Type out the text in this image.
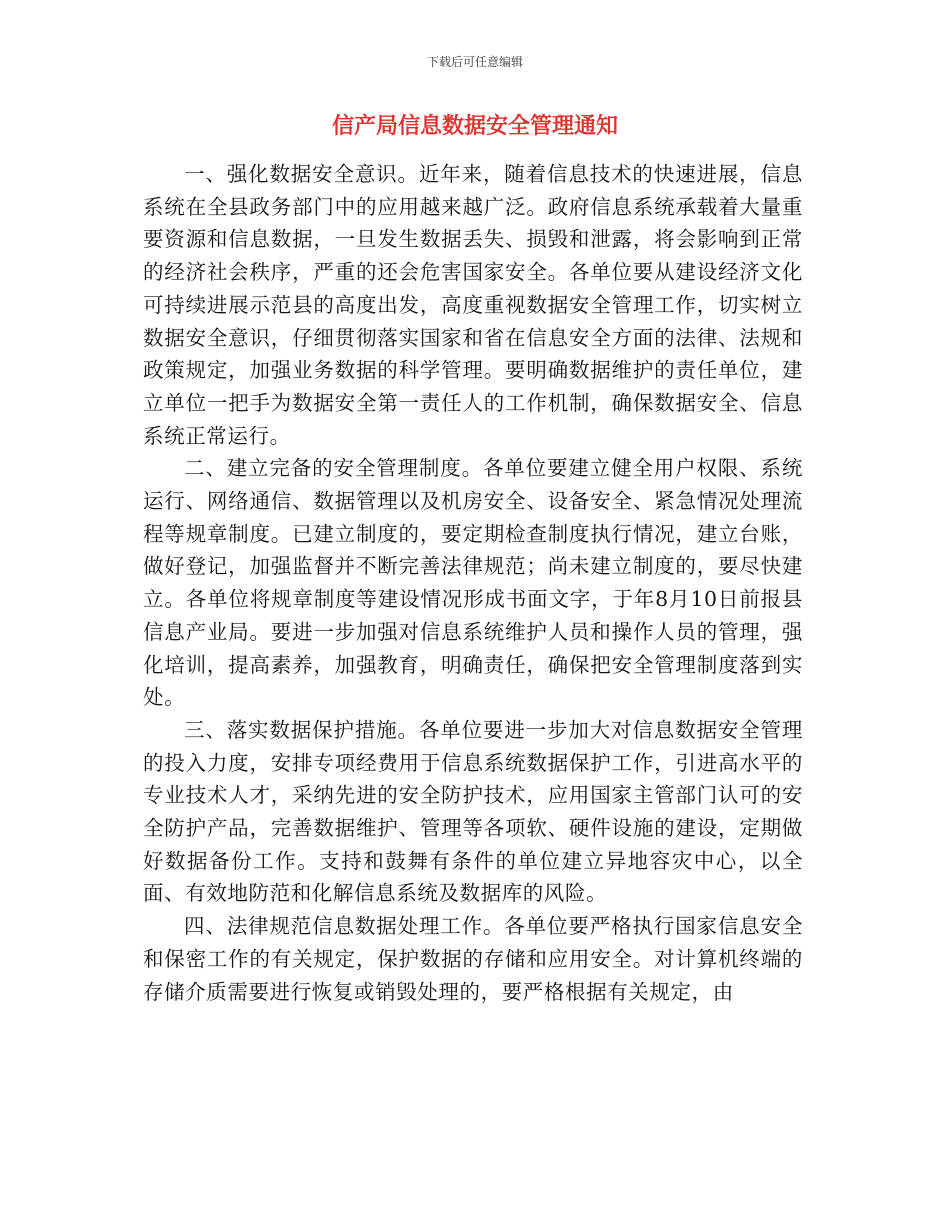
下载后可任意编辑
信产局信息数据安全管理通知

一、强化数据安全意识。近年来，随着信息技术的快速进展，信息系统在全县政务部门中的应用越来越广泛。政府信息系统承载着大量重要资源和信息数据，一旦发生数据丢失、损毁和泄露，将会影响到正常的经济社会秩序，严重的还会危害国家安全。各单位要从建设经济文化可持续进展示范县的高度出发，高度重视数据安全管理工作，切实树立数据安全意识，仔细贯彻落实国家和省在信息安全方面的法律、法规和政策规定，加强业务数据的科学管理。要明确数据维护的责任单位，建立单位一把手为数据安全第一责任人的工作机制，确保数据安全、信息系统正常运行。

二、建立完备的安全管理制度。各单位要建立健全用户权限、系统运行、网络通信、数据管理以及机房安全、设备安全、紧急情况处理流程等规章制度。已建立制度的，要定期检查制度执行情况，建立台账，做好登记，加强监督并不断完善法律规范；尚未建立制度的，要尽快建立。各单位将规章制度等建设情况形成书面文字，于年8月10日前报县信息产业局。要进一步加强对信息系统维护人员和操作人员的管理，强化培训，提高素养，加强教育，明确责任，确保把安全管理制度落到实处。

三、落实数据保护措施。各单位要进一步加大对信息数据安全管理的投入力度，安排专项经费用于信息系统数据保护工作，引进高水平的专业技术人才，采纳先进的安全防护技术，应用国家主管部门认可的安全防护产品，完善数据维护、管理等各项软、硬件设施的建设，定期做好数据备份工作。支持和鼓舞有条件的单位建立异地容灾中心，以全面、有效地防范和化解信息系统及数据库的风险。

四、法律规范信息数据处理工作。各单位要严格执行国家信息安全和保密工作的有关规定，保护数据的存储和应用安全。对计算机终端的存储介质需要进行恢复或销毁处理的，要严格根据有关规定，由
